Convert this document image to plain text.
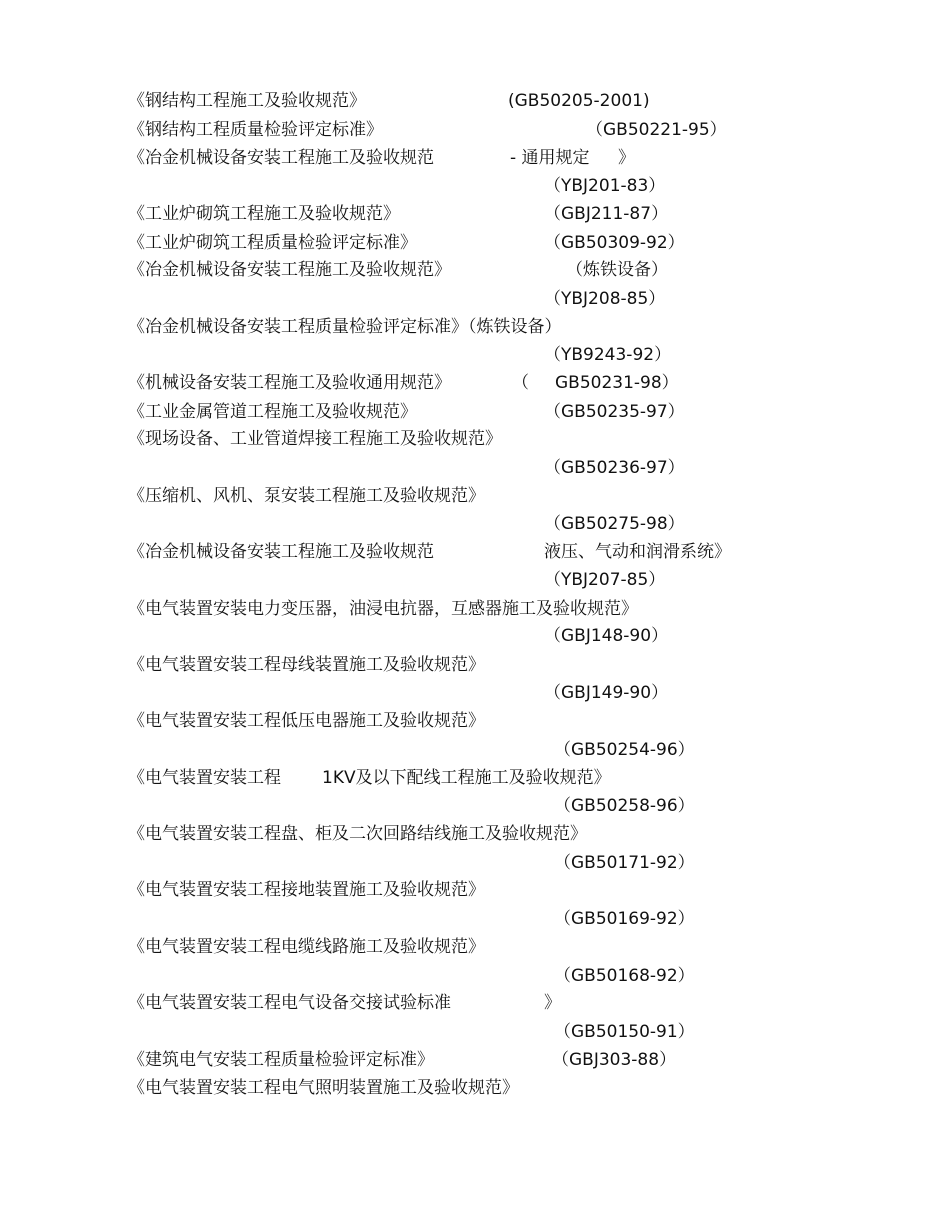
《钢结构工程施工及验收规范》	(GB50205-2001)
《钢结构工程质量检验评定标准》	（GB50221-95）
《冶金机械设备安装工程施工及验收规范	- 通用规定 》
（YBJ201-83）
《工业炉砌筑工程施工及验收规范》	（GBJ211-87）
《工业炉砌筑工程质量检验评定标准》	（GB50309-92）
《冶金机械设备安装工程施工及验收规范》	（炼铁设备）
（YBJ208-85）
《冶金机械设备安装工程质量检验评定标准》（炼铁设备）
（YB9243-92）
《机械设备安装工程施工及验收通用规范》	（ GB50231-98）
《工业金属管道工程施工及验收规范》	（GB50235-97）
《现场设备、工业管道焊接工程施工及验收规范》
（GB50236-97）
《压缩机、风机、泵安装工程施工及验收规范》
（GB50275-98）
《冶金机械设备安装工程施工及验收规范	液压、气动和润滑系统》
（YBJ207-85）
《电气装置安装电力变压器，油浸电抗器，互感器施工及验收规范》
（GBJ148-90）
《电气装置安装工程母线装置施工及验收规范》
（GBJ149-90）
《电气装置安装工程低压电器施工及验收规范》
（GB50254-96）
《电气装置安装工程 1KV及以下配线工程施工及验收规范》
（GB50258-96）
《电气装置安装工程盘、柜及二次回路结线施工及验收规范》
（GB50171-92）
《电气装置安装工程接地装置施工及验收规范》
（GB50169-92）
《电气装置安装工程电缆线路施工及验收规范》
（GB50168-92）
《电气装置安装工程电气设备交接试验标准	》
（GB50150-91）
《建筑电气安装工程质量检验评定标准》	（GBJ303-88）
《电气装置安装工程电气照明装置施工及验收规范》
